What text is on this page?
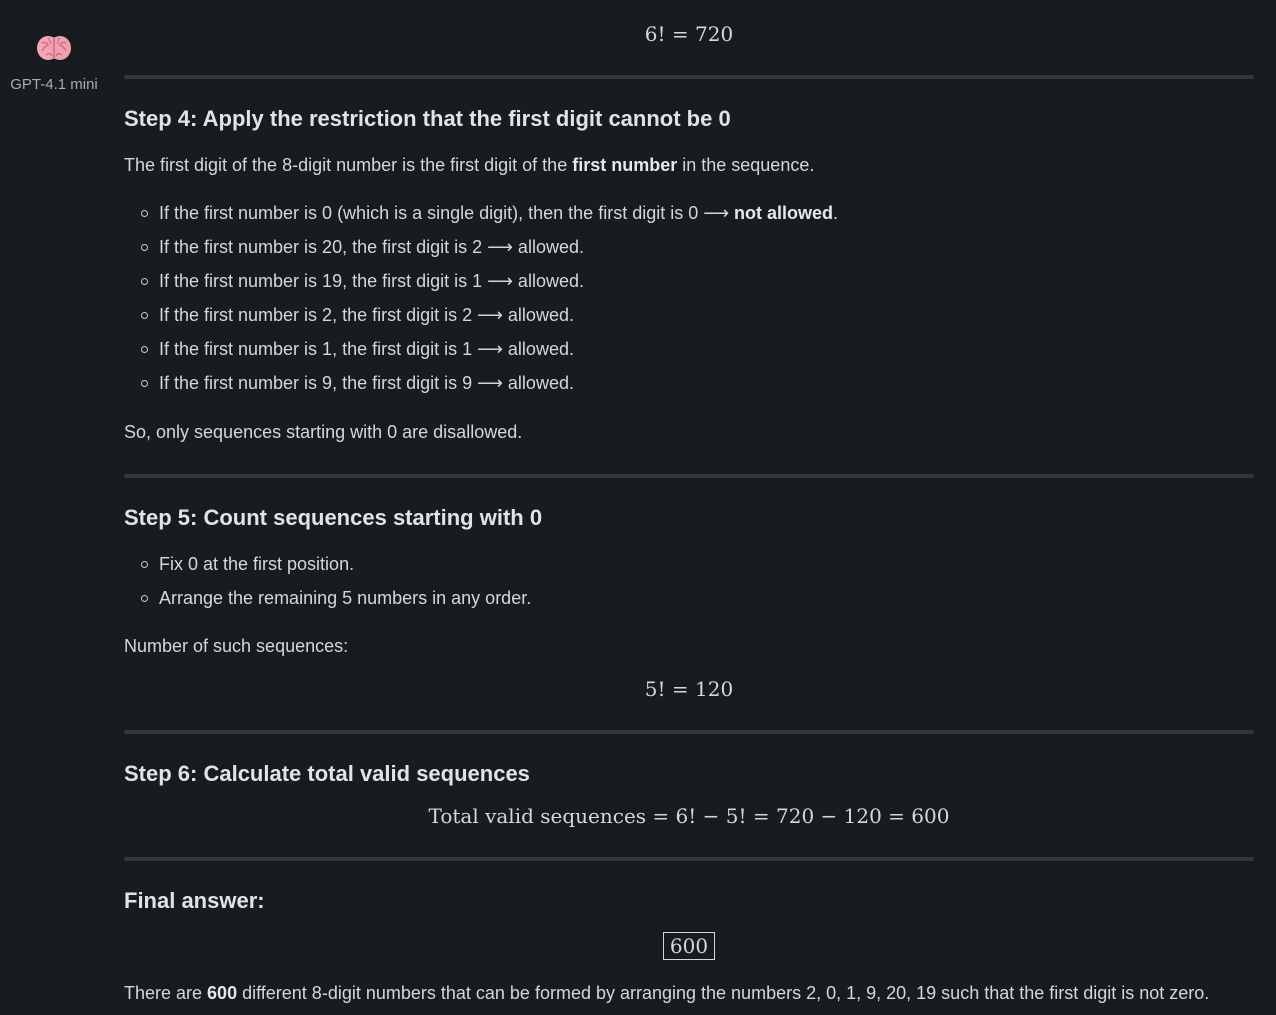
GPT-4.1 mini
6! = 720
Step 4: Apply the restriction that the first digit cannot be 0

The first digit of the 8-digit number is the first digit of the first number in the sequence.

If the first number is 0 (which is a single digit), then the first digit is 0 ⟶ not allowed.
If the first number is 20, the first digit is 2 ⟶ allowed.
If the first number is 19, the first digit is 1 ⟶ allowed.
If the first number is 2, the first digit is 2 ⟶ allowed.
If the first number is 1, the first digit is 1 ⟶ allowed.
If the first number is 9, the first digit is 9 ⟶ allowed.

So, only sequences starting with 0 are disallowed.

Step 5: Count sequences starting with 0
Fix 0 at the first position.
Arrange the remaining 5 numbers in any order.

Number of such sequences:

5! = 120
Step 6: Calculate total valid sequences
Total valid sequences = 6! − 5! = 720 − 120 = 600
Final answer:
600

There are 600 different 8-digit numbers that can be formed by arranging the numbers 2, 0, 1, 9, 20, 19 such that the first digit is not zero.
